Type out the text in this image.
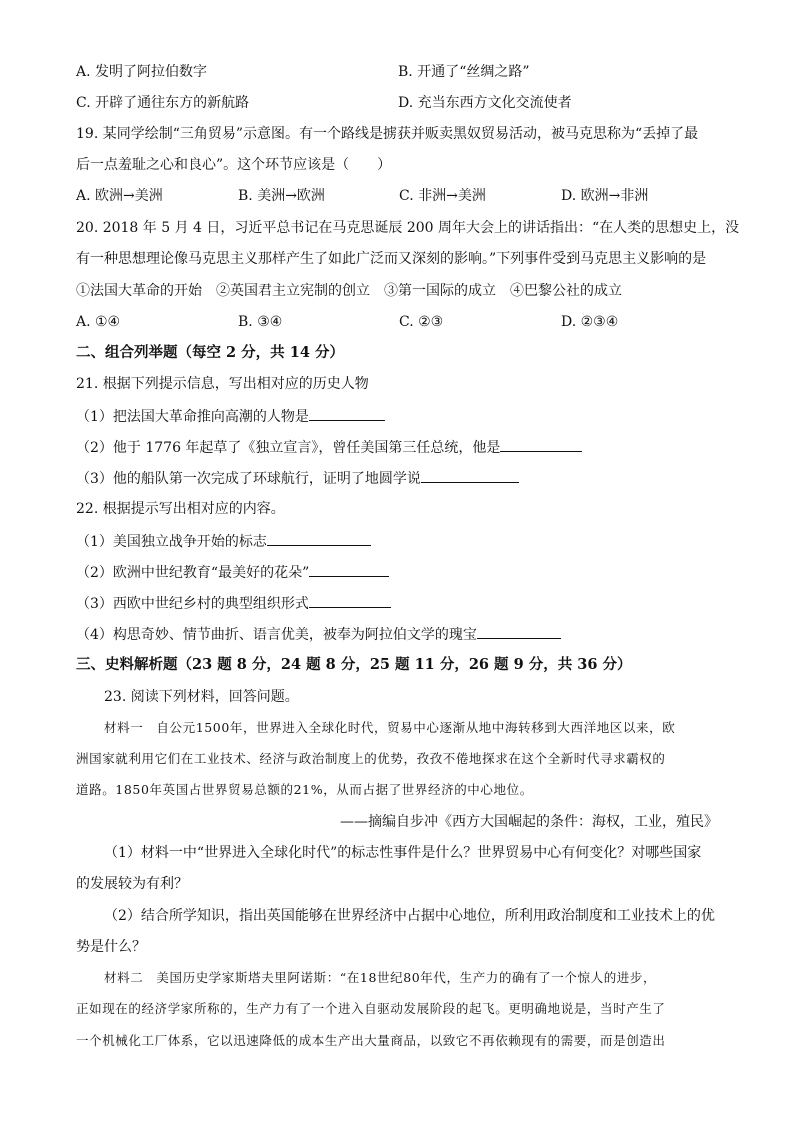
A. 发明了阿拉伯数字	B. 开通了“丝绸之路”
C. 开辟了通往东方的新航路	D. 充当东西方文化交流使者
19. 某同学绘制“三角贸易”示意图。有一个路线是掳获并贩卖黑奴贸易活动，被马克思称为“丢掉了最
后一点羞耻之心和良心”。这个环节应该是（　　）
A. 欧洲→美洲	B. 美洲→欧洲	C. 非洲→美洲	D. 欧洲→非洲
20. 2018 年 5 月 4 日，习近平总书记在马克思诞辰 200 周年大会上的讲话指出：“在人类的思想史上，没
有一种思想理论像马克思主义那样产生了如此广泛而又深刻的影响。”下列事件受到马克思主义影响的是
①法国大革命的开始　②英国君主立宪制的创立　③第一国际的成立　④巴黎公社的成立
A. ①④	B. ③④	C. ②③	D. ②③④
二、组合列举题（每空 2 分，共 14 分）
21. 根据下列提示信息，写出相对应的历史人物
（1）把法国大革命推向高潮的人物是
（2）他于 1776 年起草了《独立宣言》，曾任美国第三任总统，他是
（3）他的船队第一次完成了环球航行，证明了地圆学说
22. 根据提示写出相对应的内容。
（1）美国独立战争开始的标志
（2）欧洲中世纪教育“最美好的花朵”
（3）西欧中世纪乡村的典型组织形式
（4）构思奇妙、情节曲折、语言优美，被奉为阿拉伯文学的瑰宝
三、史料解析题（23 题 8 分，24 题 8 分，25 题 11 分，26 题 9 分，共 36 分）
23. 阅读下列材料，回答问题。
材料一　自公元1500年，世界进入全球化时代，贸易中心逐渐从地中海转移到大西洋地区以来，欧
洲国家就利用它们在工业技术、经济与政治制度上的优势，孜孜不倦地探求在这个全新时代寻求霸权的
道路。1850年英国占世界贸易总额的21%，从而占据了世界经济的中心地位。
——摘编自步冲《西方大国崛起的条件：海权，工业，殖民》
（1）材料一中“世界进入全球化时代”的标志性事件是什么？世界贸易中心有何变化？对哪些国家
的发展较为有利？
（2）结合所学知识，指出英国能够在世界经济中占据中心地位，所利用政治制度和工业技术上的优
势是什么？
材料二　美国历史学家斯塔夫里阿诺斯：“在18世纪80年代，生产力的确有了一个惊人的进步，
正如现在的经济学家所称的，生产力有了一个进入自驱动发展阶段的起飞。更明确地说是，当时产生了
一个机械化工厂体系，它以迅速降低的成本生产出大量商品，以致它不再依赖现有的需要，而是创造出
